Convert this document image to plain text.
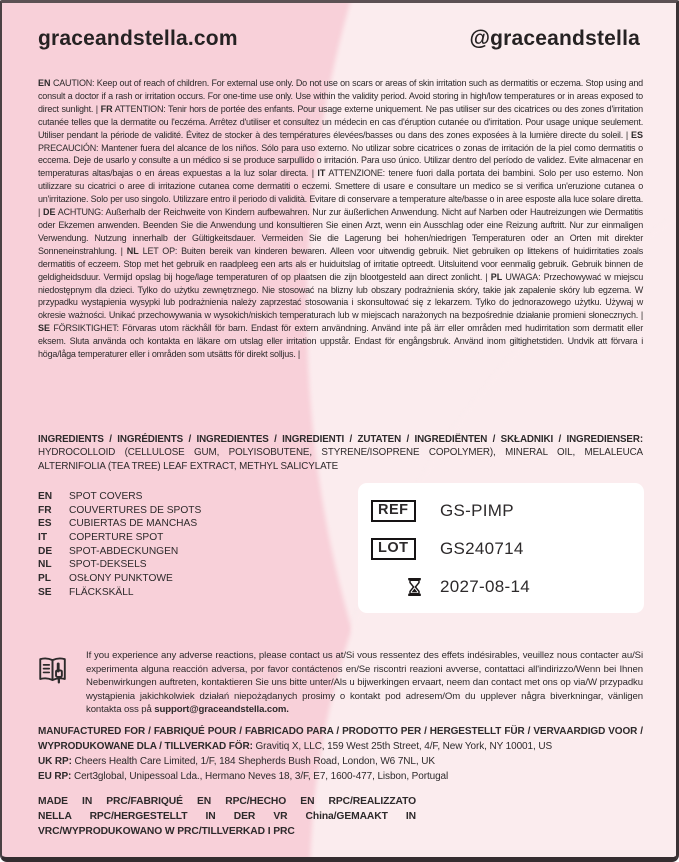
graceandstella.com	@graceandstella

EN CAUTION: Keep out of reach of children. For external use only. Do not use on scars or areas of skin irritation such as dermatitis or eczema. Stop using and consult a doctor if a rash or irritation occurs. For one-time use only. Use within the validity period. Avoid storing in high/low temperatures or in areas exposed to direct sunlight. | FR ATTENTION: Tenir hors de portée des enfants. Pour usage externe uniquement. Ne pas utiliser sur des cicatrices ou des zones d'irritation cutanée telles que la dermatite ou l'eczéma. Arrêtez d'utiliser et consultez un médecin en cas d'éruption cutanée ou d'irritation. Pour usage unique seulement. Utiliser pendant la période de validité. Évitez de stocker à des températures élevées/basses ou dans des zones exposées à la lumière directe du soleil. | ES PRECAUCIÓN: Mantener fuera del alcance de los niños. Sólo para uso externo. No utilizar sobre cicatrices o zonas de irritación de la piel como dermatitis o eccema. Deje de usarlo y consulte a un médico si se produce sarpullido o irritación. Para uso único. Utilizar dentro del período de validez. Evite almacenar en temperaturas altas/bajas o en áreas expuestas a la luz solar directa. | IT ATTENZIONE: tenere fuori dalla portata dei bambini. Solo per uso esterno. Non utilizzare su cicatrici o aree di irritazione cutanea come dermatiti o eczemi. Smettere di usare e consultare un medico se si verifica un'eruzione cutanea o un'irritazione. Solo per uso singolo. Utilizzare entro il periodo di validità. Evitare di conservare a temperature alte/basse o in aree esposte alla luce solare diretta. | DE ACHTUNG: Außerhalb der Reichweite von Kindern aufbewahren. Nur zur äußerlichen Anwendung. Nicht auf Narben oder Hautreizungen wie Dermatitis oder Ekzemen anwenden. Beenden Sie die Anwendung und konsultieren Sie einen Arzt, wenn ein Ausschlag oder eine Reizung auftritt. Nur zur einmaligen Verwendung. Nutzung innerhalb der Gültigkeitsdauer. Vermeiden Sie die Lagerung bei hohen/niedrigen Temperaturen oder an Orten mit direkter Sonneneinstrahlung. | NL LET OP: Buiten bereik van kinderen bewaren. Alleen voor uitwendig gebruik. Niet gebruiken op littekens of huidirritaties zoals dermatitis of eczeem. Stop met het gebruik en raadpleeg een arts als er huiduitslag of irritatie optreedt. Uitsluitend voor eenmalig gebruik. Gebruik binnen de geldigheidsduur. Vermijd opslag bij hoge/lage temperaturen of op plaatsen die zijn blootgesteld aan direct zonlicht. | PL UWAGA: Przechowywać w miejscu niedostępnym dla dzieci. Tylko do użytku zewnętrznego. Nie stosować na blizny lub obszary podrażnienia skóry, takie jak zapalenie skóry lub egzema. W przypadku wystąpienia wysypki lub podrażnienia należy zaprzestać stosowania i skonsultować się z lekarzem. Tylko do jednorazowego użytku. Używaj w okresie ważności. Unikać przechowywania w wysokich/niskich temperaturach lub w miejscach narażonych na bezpośrednie działanie promieni słonecznych. | SE FÖRSIKTIGHET: Förvaras utom räckhåll för barn. Endast för extern användning. Använd inte på ärr eller områden med hudirritation som dermatit eller eksem. Sluta använda och kontakta en läkare om utslag eller irritation uppstår. Endast för engångsbruk. Använd inom giltighetstiden. Undvik att förvara i höga/låga temperaturer eller i områden som utsätts för direkt solljus. |

INGREDIENTS / INGRÉDIENTS / INGREDIENTES / INGREDIENTI / ZUTATEN / INGREDIËNTEN / SKŁADNIKI / INGREDIENSER: HYDROCOLLOID (CELLULOSE GUM, POLYISOBUTENE, STYRENE/ISOPRENE COPOLYMER), MINERAL OIL, MELALEUCA ALTERNIFOLIA (TEA TREE) LEAF EXTRACT, METHYL SALICYLATE

EN	SPOT COVERS
FR	COUVERTURES DE SPOTS
ES	CUBIERTAS DE MANCHAS
IT	COPERTURE SPOT
DE	SPOT-ABDECKUNGEN
NL	SPOT-DEKSELS
PL	OSŁONY PUNKTOWE
SE	FLÄCKSKÄLL
REF	GS-PIMP
LOT	GS240714
2027-08-14

If you experience any adverse reactions, please contact us at/Si vous ressentez des effets indésirables, veuillez nous contacter au/Si experimenta alguna reacción adversa, por favor contáctenos en/Se riscontri reazioni avverse, contattaci all'indirizzo/Wenn bei Ihnen Nebenwirkungen auftreten, kontaktieren Sie uns bitte unter/Als u bijwerkingen ervaart, neem dan contact met ons op via/W przypadku wystąpienia jakichkolwiek działań niepożądanych prosimy o kontakt pod adresem/Om du upplever några biverkningar, vänligen kontakta oss på support@graceandstella.com.

MANUFACTURED FOR / FABRIQUÉ POUR / FABRICADO PARA / PRODOTTO PER / HERGESTELLT FÜR / VERVAARDIGD VOOR / WYPRODUKOWANE DLA / TILLVERKAD FÖR: Gravitiq X, LLC, 159 West 25th Street, 4/F, New York, NY 10001, US
UK RP: Cheers Health Care Limited, 1/F, 184 Shepherds Bush Road, London, W6 7NL, UK
EU RP: Cert3global, Unipessoal Lda., Hermano Neves 18, 3/F, E7, 1600-477, Lisbon, Portugal
MADE IN PRC/FABRIQUÉ EN RPC/HECHO EN RPC/REALIZZATO
NELLA RPC/HERGESTELLT IN DER VR China/GEMAAKT IN
VRC/WYPRODUKOWANO W PRC/TILLVERKAD I PRC
